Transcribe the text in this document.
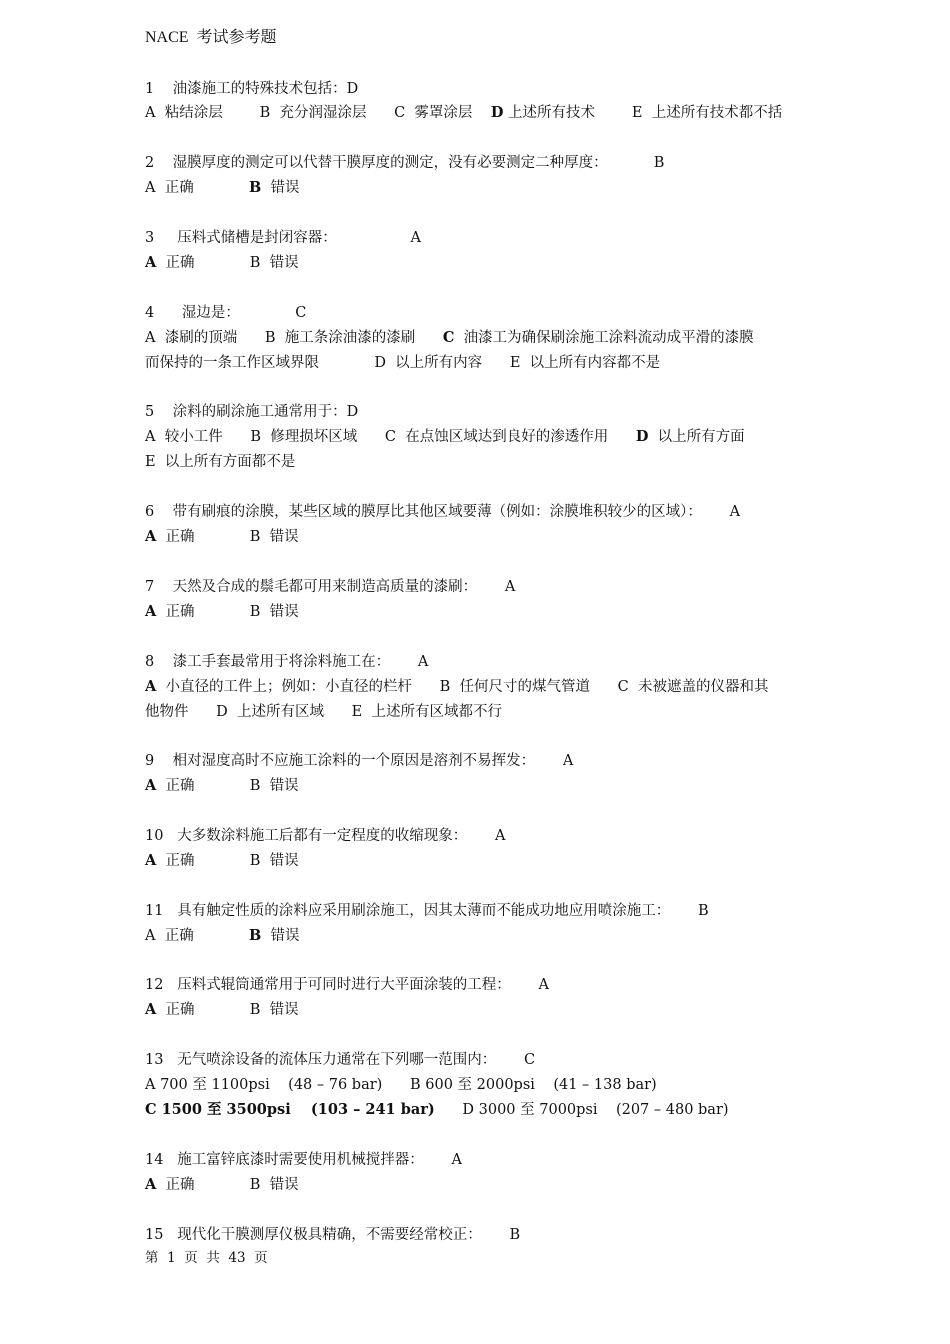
NACE  考试参考题
1    油漆施工的特殊技术包括：D
A  粘结涂层	B  充分润湿涂层 C  雾罩涂层 D 上述所有技术	E  上述所有技术都不括
2    湿膜厚度的测定可以代替干膜厚度的测定，没有必要测定二种厚度：	B
A  正确	B  错误
3     压料式储槽是封闭容器：	A
A  正确	B  错误
4      湿边是：	C
A  漆刷的顶端 B  施工条涂油漆的漆刷 C  油漆工为确保刷涂施工涂料流动成平滑的漆膜
而保持的一条工作区域界限	D  以上所有内容 E  以上所有内容都不是
5    涂料的刷涂施工通常用于：D
A  较小工件 B  修理损坏区域 C  在点蚀区域达到良好的渗透作用 D  以上所有方面
E  以上所有方面都不是
6    带有刷痕的涂膜，某些区域的膜厚比其他区域要薄（例如：涂膜堆积较少的区域）： A
A  正确	B  错误
7    天然及合成的鬃毛都可用来制造高质量的漆刷： A
A  正确	B  错误
8    漆工手套最常用于将涂料施工在： A
A  小直径的工件上；例如：小直径的栏杆 B  任何尺寸的煤气管道 C  未被遮盖的仪器和其
他物件 D  上述所有区域 E  上述所有区域都不行
9    相对湿度高时不应施工涂料的一个原因是溶剂不易挥发： A
A  正确	B  错误
10   大多数涂料施工后都有一定程度的收缩现象： A
A  正确	B  错误
11   具有触定性质的涂料应采用刷涂施工，因其太薄而不能成功地应用喷涂施工： B
A  正确	B  错误
12   压料式辊筒通常用于可同时进行大平面涂装的工程： A
A  正确	B  错误
13   无气喷涂设备的流体压力通常在下列哪一范围内： C
A 700 至 1100psi    (48 – 76 bar) B 600 至 2000psi    (41 – 138 bar)
C 1500 至 3500psi    (103 – 241 bar) D 3000 至 7000psi    (207 – 480 bar)
14   施工富锌底漆时需要使用机械搅拌器： A
A  正确	B  错误
15   现代化干膜测厚仪极具精确，不需要经常校正： B
第  1  页  共  43  页
